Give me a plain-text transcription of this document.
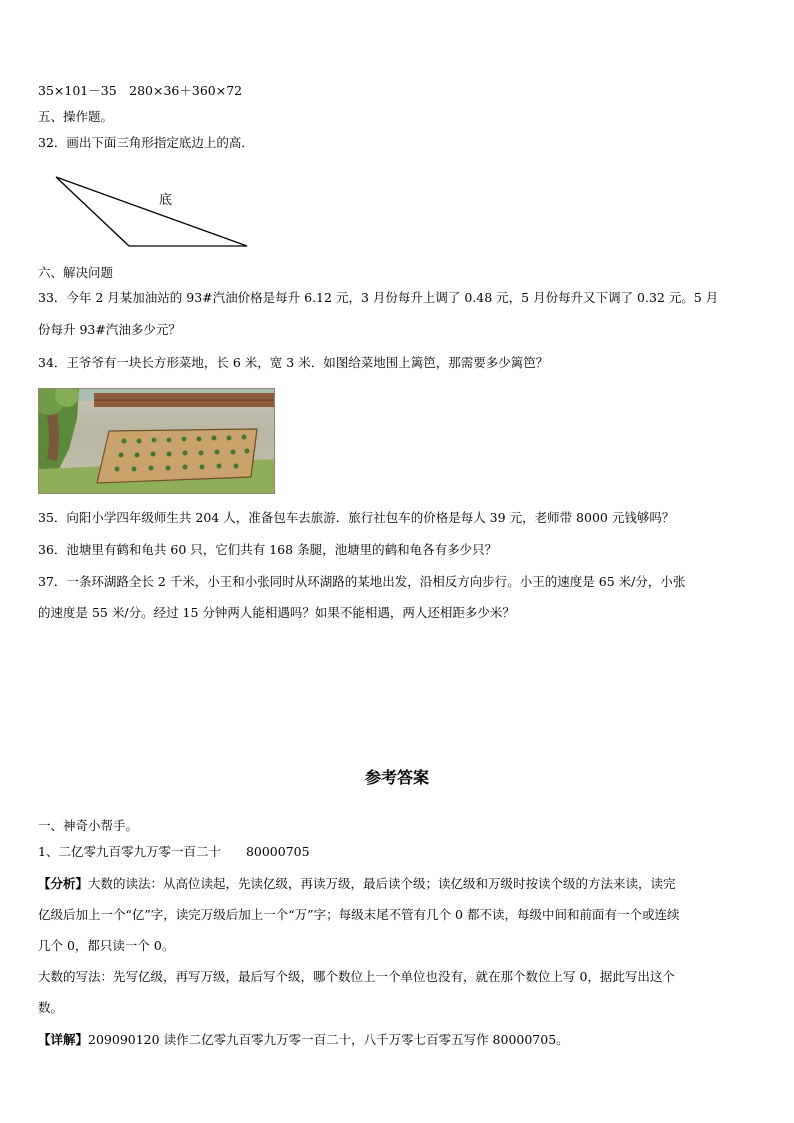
35×101－35　280×36＋360×72
五、操作题。
32．画出下面三角形指定底边上的高．
底
六、解决问题
33．今年 2 月某加油站的 93#汽油价格是每升 6.12 元，3 月份每升上调了 0.48 元，5 月份每升又下调了 0.32 元。5 月
份每升 93#汽油多少元？
34．王爷爷有一块长方形菜地，长 6 米，宽 3 米．如图给菜地围上篱笆，那需要多少篱笆？
35．向阳小学四年级师生共 204 人，准备包车去旅游．旅行社包车的价格是每人 39 元，老师带 8000 元钱够吗？
36．池塘里有鹤和龟共 60 只，它们共有 168 条腿，池塘里的鹤和龟各有多少只？
37．一条环湖路全长 2 千米，小王和小张同时从环湖路的某地出发，沿相反方向步行。小王的速度是 65 米/分，小张
的速度是 55 米/分。经过 15 分钟两人能相遇吗？如果不能相遇，两人还相距多少米？
参考答案
一、神奇小帮手。
1、二亿零九百零九万零一百二十　　80000705
【分析】大数的读法：从高位读起，先读亿级，再读万级，最后读个级；读亿级和万级时按读个级的方法来读，读完
亿级后加上一个“亿”字，读完万级后加上一个“万”字；每级末尾不管有几个 0 都不读，每级中间和前面有一个或连续
几个 0，都只读一个 0。
大数的写法：先写亿级，再写万级，最后写个级，哪个数位上一个单位也没有，就在那个数位上写 0，据此写出这个
数。
【详解】209090120 读作二亿零九百零九万零一百二十，八千万零七百零五写作 80000705。
